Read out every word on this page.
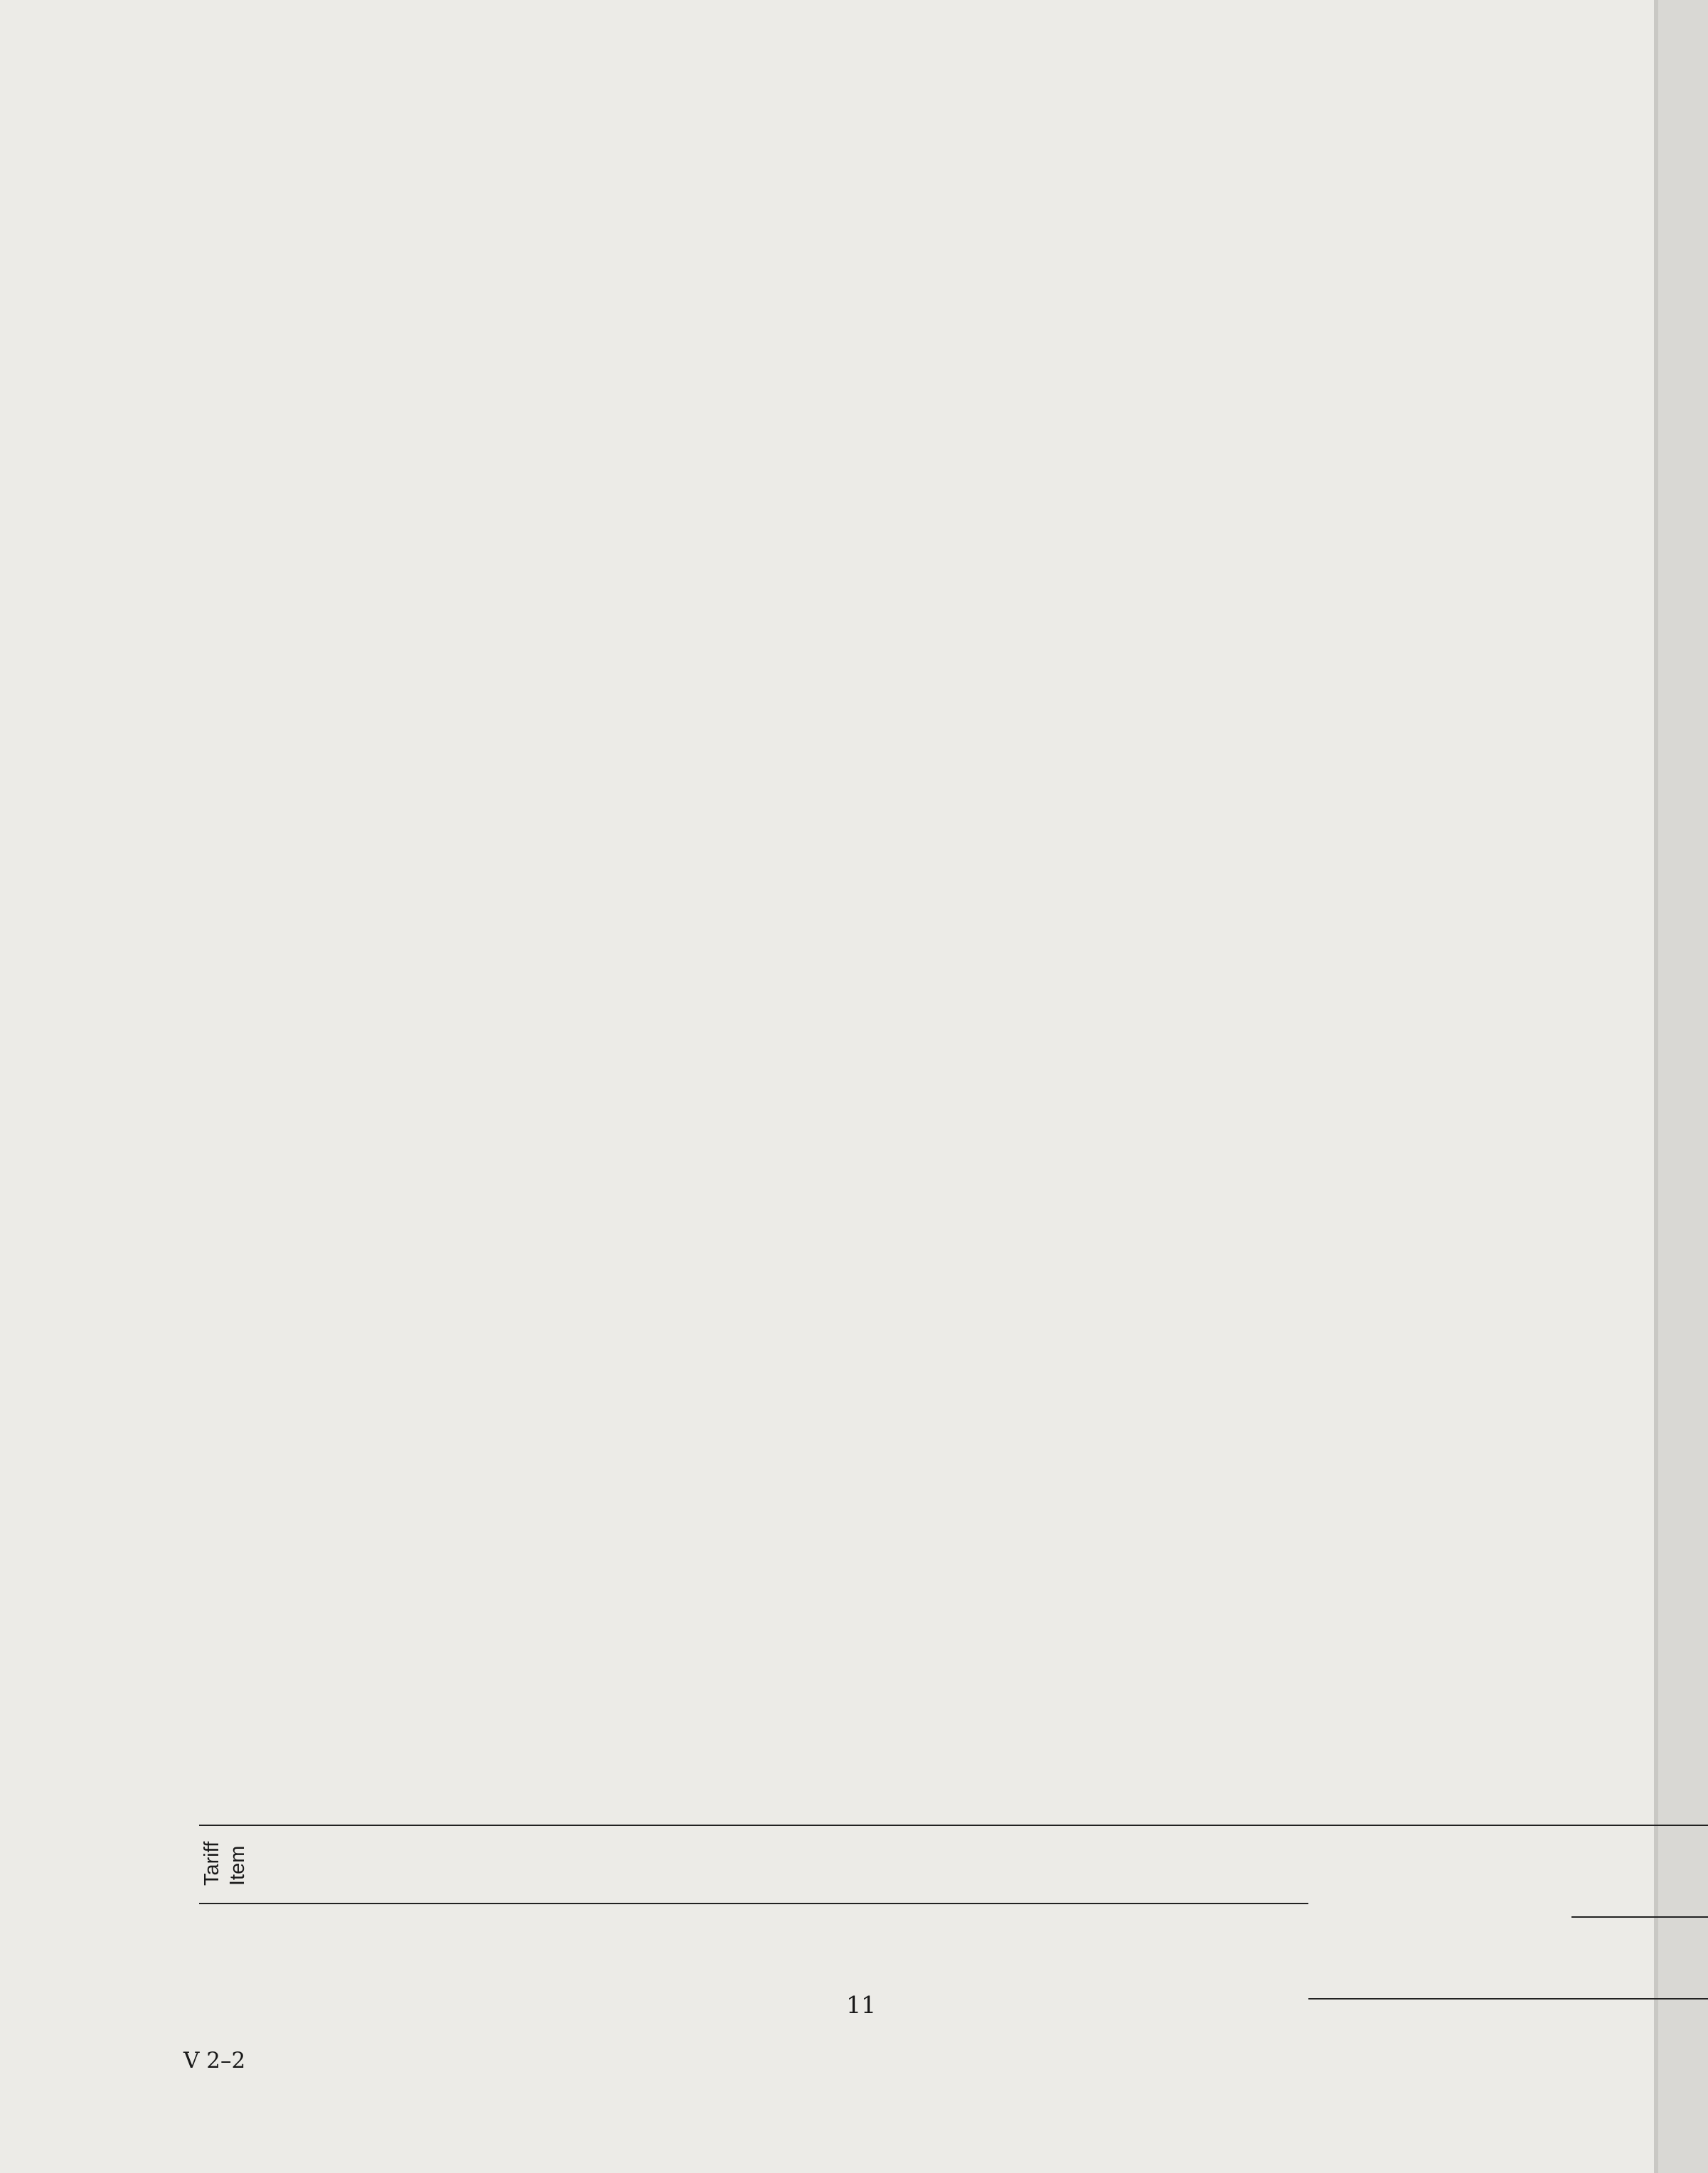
Tariff
Item
11
V 2–2
